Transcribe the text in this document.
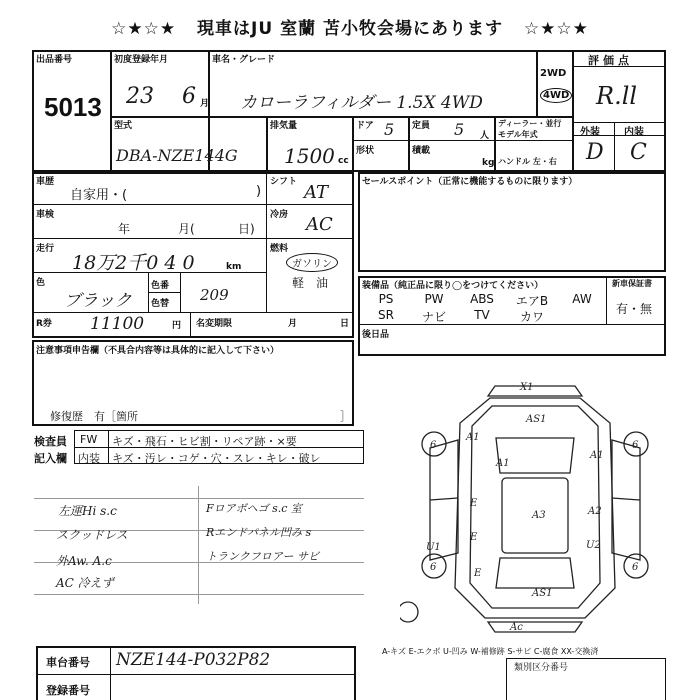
☆★☆★ 現車はJU 室蘭 苫小牧会場にあります ☆★☆★
出品番号
5013
初度登録年月
23 6 月
車名・グレード
カローラフィルダー 1.5X 4WD
2WD
4WD
型式
DBA-NZE144G
排気量
1500 cc
ドア 5 定員 5 人
ディーラー・並行
モデル年式
形状	積載
kg ハンドル 左・右
評価点
R.ll
外装 内装
D C
車歴
自家用・(	)
車検
年	月(	日)
走行
18万2千0 4 0	km
色
ブラック
色番
色替 209
シフト AT
冷房 AC
燃料
ガソリン
軽 油
R券 11100	円 名変期限	月	日
セールスポイント（正常に機能するものに限ります）
装備品（純正品に限り◯をつけてください）	新車保証書
有・無
PS	PW	ABS	エアB	AW
SR	ナビ	TV	カワ
後日品
注意事項申告欄（不具合内容等は具体的に記入して下さい）
修復歴　有［箇所	］
検査員
記入欄
FW キズ・飛石・ヒビ割・リペア跡・×要
内装 キズ・汚レ・コゲ・穴・スレ・キレ・破レ
左運Hi s.c
スクッドレス
外Aw. A.c
AC 冷えず
Fロアボヘゴ s.c 室
Rエンドパネル凹み s
トランクフロアー サビ
A1
AS1
A1
A1
E
E
E
A3	A2
U2
AS1
U1
6	6
6	6
Ac
X1
A-キズ E-エクボ U-凹み W-補修跡 S-サビ C-腐食 XX-交換済
車台番号 NZE144-P032P82
登録番号
類別区分番号
